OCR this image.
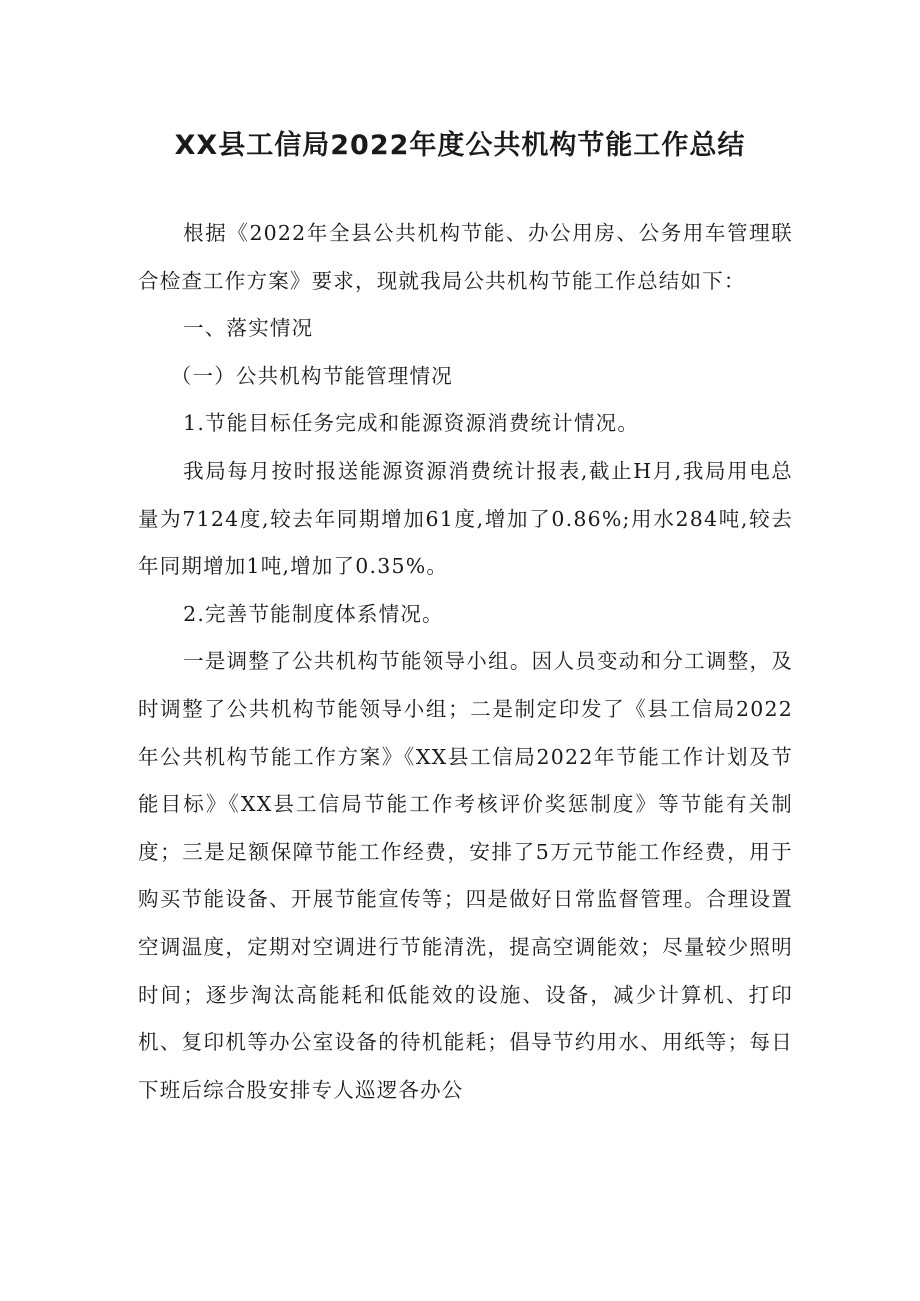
XX县工信局2022年度公共机构节能工作总结

根据《2022年全县公共机构节能、办公用房、公务用车管理联合检查工作方案》要求，现就我局公共机构节能工作总结如下：

一、落实情况

（一）公共机构节能管理情况

1.节能目标任务完成和能源资源消费统计情况。

我局每月按时报送能源资源消费统计报表,截止H月,我局用电总量为7124度,较去年同期增加61度,增加了0.86%;用水284吨,较去年同期增加1吨,增加了0.35%。

2.完善节能制度体系情况。

一是调整了公共机构节能领导小组。因人员变动和分工调整，及时调整了公共机构节能领导小组；二是制定印发了《县工信局2022年公共机构节能工作方案》《XX县工信局2022年节能工作计划及节能目标》《XX县工信局节能工作考核评价奖惩制度》等节能有关制度；三是足额保障节能工作经费，安排了5万元节能工作经费，用于购买节能设备、开展节能宣传等；四是做好日常监督管理。合理设置空调温度，定期对空调进行节能清洗，提高空调能效；尽量较少照明时间；逐步淘汰高能耗和低能效的设施、设备，减少计算机、打印机、复印机等办公室设备的待机能耗；倡导节约用水、用纸等；每日下班后综合股安排专人巡逻各办公
